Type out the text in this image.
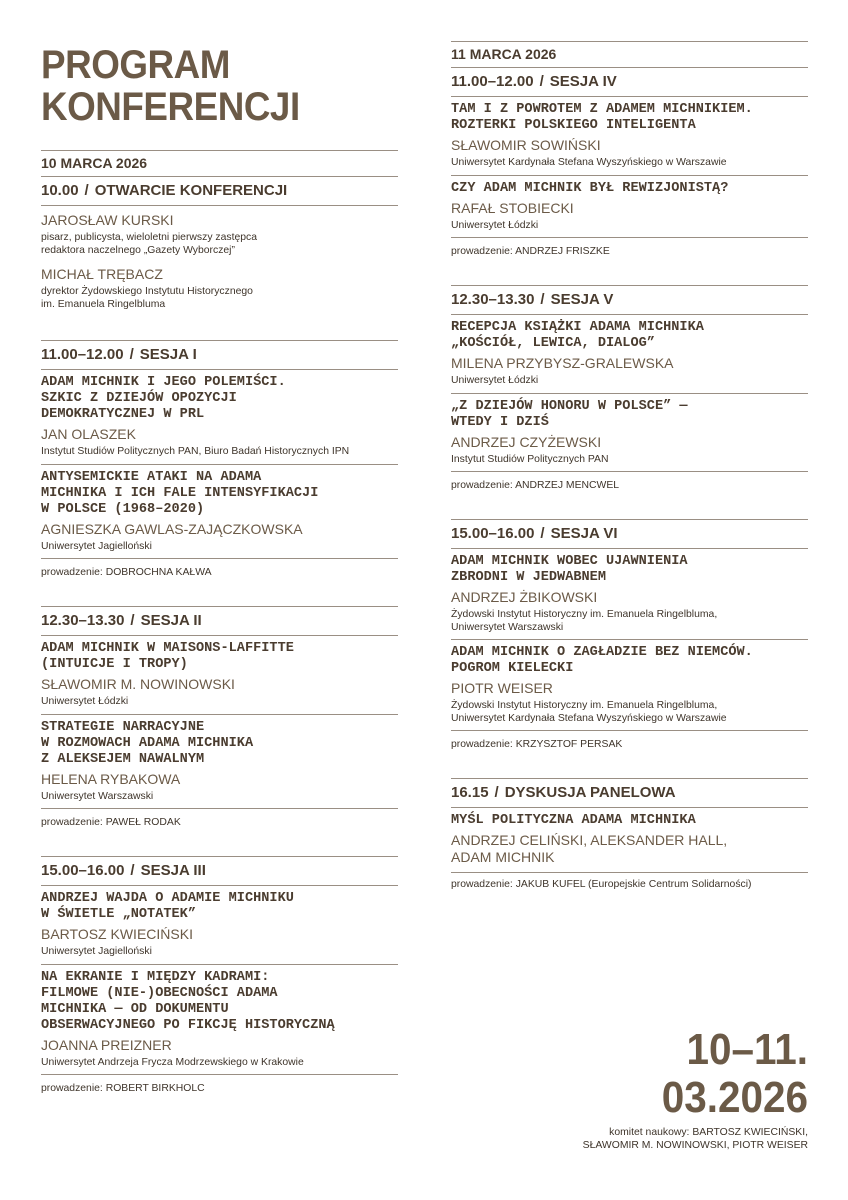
PROGRAM
KONFERENCJI
10 MARCA 2026
10.00 / OTWARCIE KONFERENCJI
JAROSŁAW KURSKI
pisarz, publicysta, wieloletni pierwszy zastępca
redaktora naczelnego „Gazety Wyborczej”
MICHAŁ TRĘBACZ
dyrektor Żydowskiego Instytutu Historycznego
im. Emanuela Ringelbluma
11.00–12.00 / SESJA I
ADAM MICHNIK I JEGO POLEMIŚCI.
SZKIC Z DZIEJÓW OPOZYCJI
DEMOKRATYCZNEJ W PRL
JAN OLASZEK
Instytut Studiów Politycznych PAN, Biuro Badań Historycznych IPN
ANTYSEMICKIE ATAKI NA ADAMA
MICHNIKA I ICH FALE INTENSYFIKACJI
W POLSCE (1968–2020)
AGNIESZKA GAWLAS-ZAJĄCZKOWSKA
Uniwersytet Jagielloński
prowadzenie: DOBROCHNA KAŁWA
12.30–13.30 / SESJA II
ADAM MICHNIK W MAISONS-LAFFITTE
(INTUICJE I TROPY)
SŁAWOMIR M. NOWINOWSKI
Uniwersytet Łódzki
STRATEGIE NARRACYJNE
W ROZMOWACH ADAMA MICHNIKA
Z ALEKSEJEM NAWALNYM
HELENA RYBAKOWA
Uniwersytet Warszawski
prowadzenie: PAWEŁ RODAK
15.00–16.00 / SESJA III
ANDRZEJ WAJDA O ADAMIE MICHNIKU
W ŚWIETLE „NOTATEK”
BARTOSZ KWIECIŃSKI
Uniwersytet Jagielloński
NA EKRANIE I MIĘDZY KADRAMI:
FILMOWE (NIE-)OBECNOŚCI ADAMA
MICHNIKA — OD DOKUMENTU
OBSERWACYJNEGO PO FIKCJĘ HISTORYCZNĄ
JOANNA PREIZNER
Uniwersytet Andrzeja Frycza Modrzewskiego w Krakowie
prowadzenie: ROBERT BIRKHOLC
11 MARCA 2026
11.00–12.00 / SESJA IV
TAM I Z POWROTEM Z ADAMEM MICHNIKIEM.
ROZTERKI POLSKIEGO INTELIGENTA
SŁAWOMIR SOWIŃSKI
Uniwersytet Kardynała Stefana Wyszyńskiego w Warszawie
CZY ADAM MICHNIK BYŁ REWIZJONISTĄ?
RAFAŁ STOBIECKI
Uniwersytet Łódzki
prowadzenie: ANDRZEJ FRISZKE
12.30–13.30 / SESJA V
RECEPCJA KSIĄŻKI ADAMA MICHNIKA
„KOŚCIÓŁ, LEWICA, DIALOG”
MILENA PRZYBYSZ-GRALEWSKA
Uniwersytet Łódzki
„Z DZIEJÓW HONORU W POLSCE” —
WTEDY I DZIŚ
ANDRZEJ CZYŻEWSKI
Instytut Studiów Politycznych PAN
prowadzenie: ANDRZEJ MENCWEL
15.00–16.00 / SESJA VI
ADAM MICHNIK WOBEC UJAWNIENIA
ZBRODNI W JEDWABNEM
ANDRZEJ ŻBIKOWSKI
Żydowski Instytut Historyczny im. Emanuela Ringelbluma,
Uniwersytet Warszawski
ADAM MICHNIK O ZAGŁADZIE BEZ NIEMCÓW.
POGROM KIELECKI
PIOTR WEISER
Żydowski Instytut Historyczny im. Emanuela Ringelbluma,
Uniwersytet Kardynała Stefana Wyszyńskiego w Warszawie
prowadzenie: KRZYSZTOF PERSAK
16.15 / DYSKUSJA PANELOWA
MYŚL POLITYCZNA ADAMA MICHNIKA
ANDRZEJ CELIŃSKI, ALEKSANDER HALL,
ADAM MICHNIK
prowadzenie: JAKUB KUFEL (Europejskie Centrum Solidarności)
10–11.
03.2026
komitet naukowy: BARTOSZ KWIECIŃSKI,
SŁAWOMIR M. NOWINOWSKI, PIOTR WEISER
